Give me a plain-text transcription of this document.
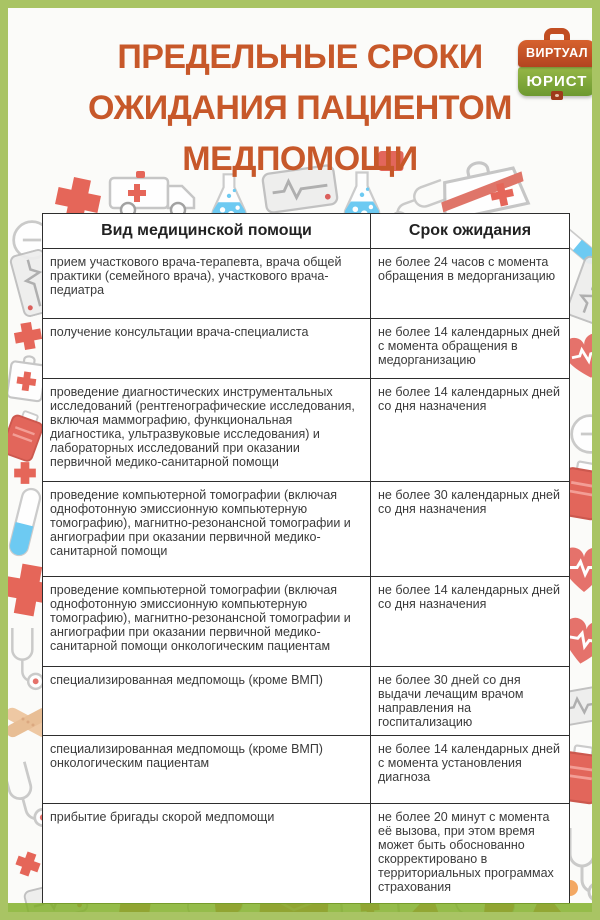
ПРЕДЕЛЬНЫЕ СРОКИ
ОЖИДАНИЯ ПАЦИЕНТОМ
МЕДПОМОЩИ
ВИРТУАЛ
ЮРИСТ
Вид медицинской помощи	Срок ожидания
прием участкового врача-терапевта, врача общей практики (семейного врача), участкового врача-педиатра	не более 24 часов с момента обращения в медорганизацию
получение консультации врача-специалиста	не более 14 календарных дней с момента обращения в медорганизацию
проведение диагностических инструментальных исследований (рентгенографические исследования, включая маммографию, функциональная диагностика, ультразвуковые исследования) и лабораторных исследований при оказании первичной медико-санитарной помощи	не более 14 календарных дней со дня назначения
проведение компьютерной томографии (включая однофотонную эмиссионную компьютерную томографию), магнитно-резонансной томографии и ангиографии при оказании первичной медико-санитарной помощи	не более 30 календарных дней со дня назначения
проведение компьютерной томографии (включая однофотонную эмиссионную компьютерную томографию), магнитно-резонансной томографии и ангиографии при оказании первичной медико-санитарной помощи онкологическим пациентам	не более 14 календарных дней со дня назначения
специализированная медпомощь (кроме ВМП)	не более 30 дней со дня выдачи лечащим врачом направления на госпитализацию
специализированная медпомощь (кроме ВМП) онкологическим пациентам	не более 14 календарных дней с момента установления диагноза
прибытие бригады скорой медпомощи	не более 20 минут с момента её вызова, при этом время может быть обоснованно скорректировано в территориальных программах страхования
